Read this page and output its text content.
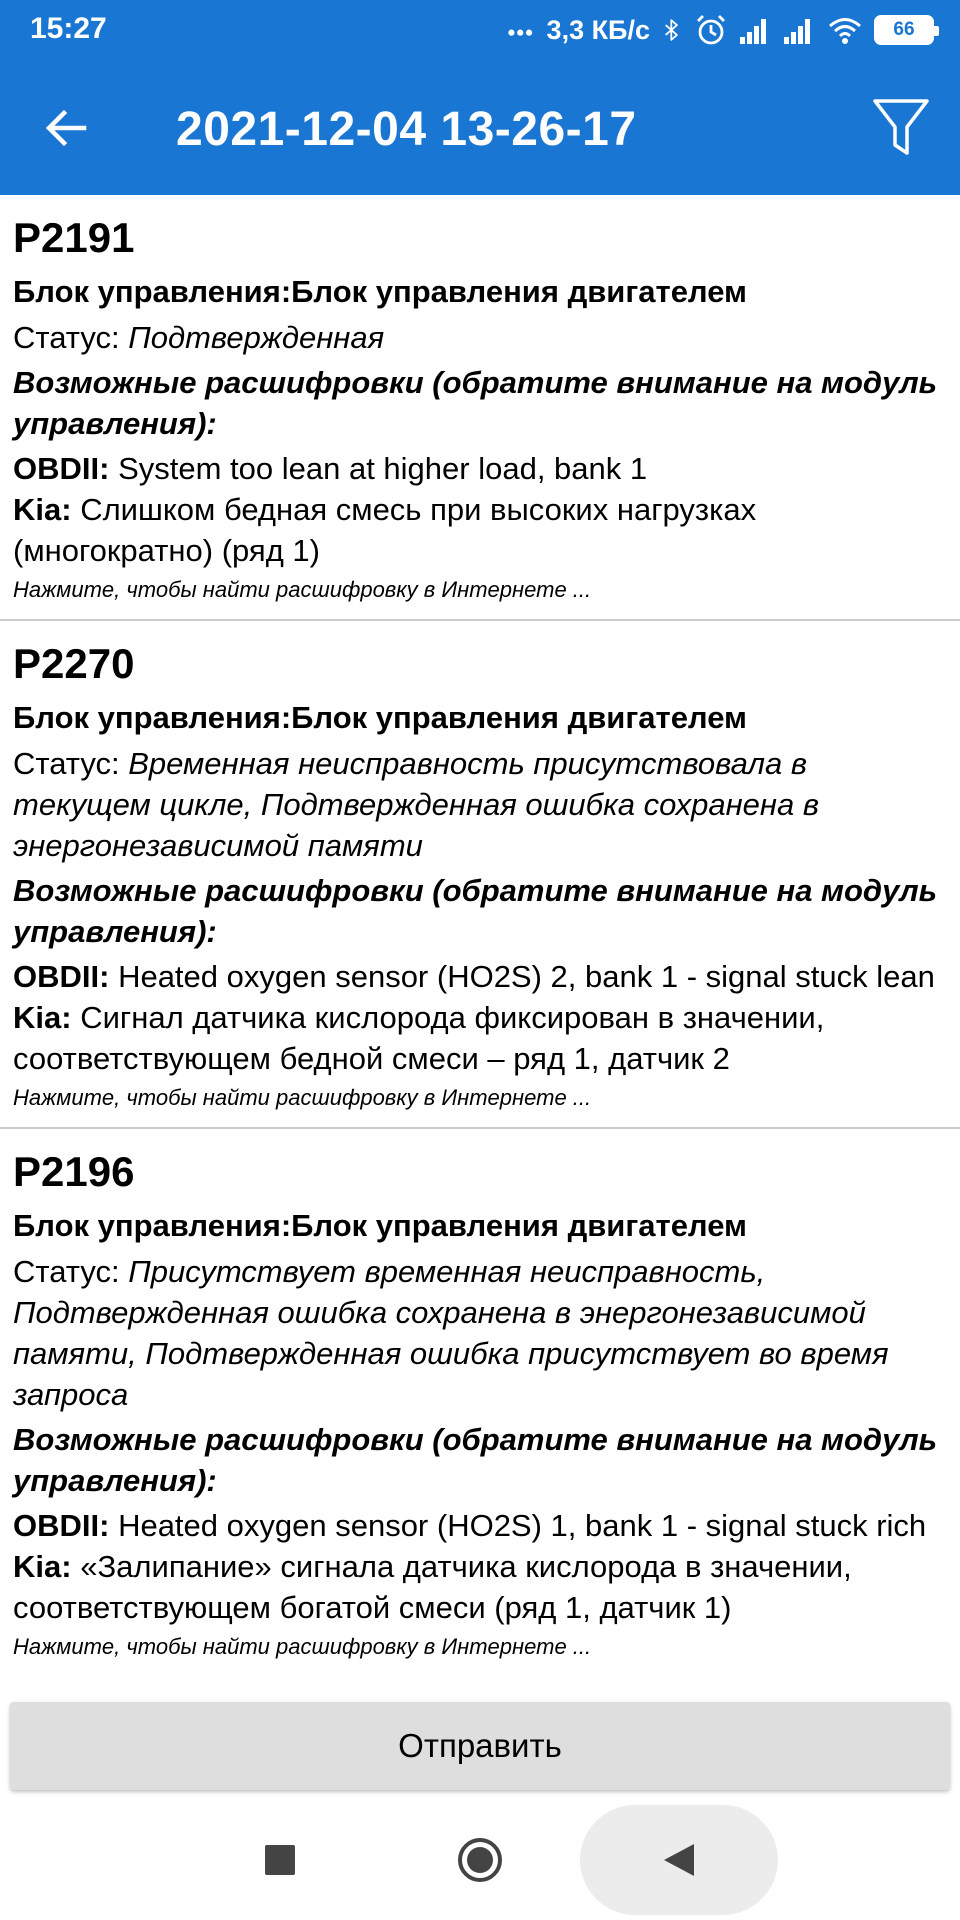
15:27	3,3 КБ/с	66
2021-12-04 13-26-17
P2191
Блок управления:Блок управления двигателем
Статус: Подтвержденная
Возможные расшифровки (обратите внимание на модуль управления):
OBDII: System too lean at higher load, bank 1
Kia: Слишком бедная смесь при высоких нагрузках (многократно) (ряд 1)
Нажмите, чтобы найти расшифровку в Интернете ...
P2270
Блок управления:Блок управления двигателем
Статус: Временная неисправность присутствовала в текущем цикле, Подтвержденная ошибка сохранена в энергонезависимой памяти
Возможные расшифровки (обратите внимание на модуль управления):
OBDII: Heated oxygen sensor (HO2S) 2, bank 1 - signal stuck lean
Kia: Сигнал датчика кислорода фиксирован в значении, соответствующем бедной смеси – ряд 1, датчик 2
Нажмите, чтобы найти расшифровку в Интернете ...
P2196
Блок управления:Блок управления двигателем
Статус: Присутствует временная неисправность, Подтвержденная ошибка сохранена в энергонезависимой памяти, Подтвержденная ошибка присутствует во время запроса
Возможные расшифровки (обратите внимание на модуль управления):
OBDII: Heated oxygen sensor (HO2S) 1, bank 1 - signal stuck rich
Kia: «Залипание» сигнала датчика кислорода в значении, соответствующем богатой смеси (ряд 1, датчик 1)
Нажмите, чтобы найти расшифровку в Интернете ...
Отправить
